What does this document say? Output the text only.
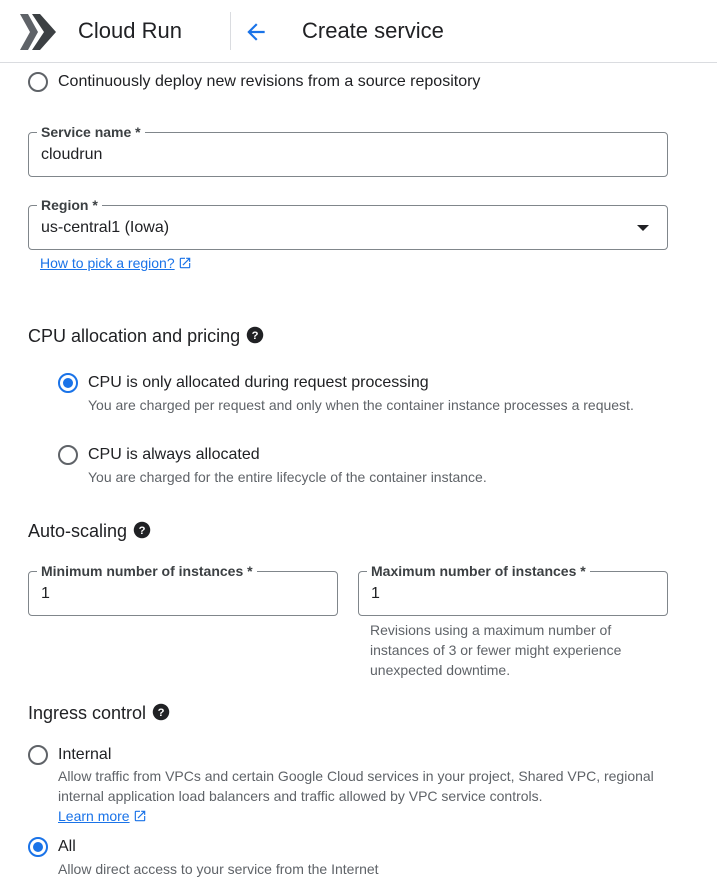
Cloud Run	Create service
Continuously deploy new revisions from a source repository
Service name *
cloudrun
Region *
us-central1 (Iowa)
How to pick a region?
CPU allocation and pricing ?
CPU is only allocated during request processing
You are charged per request and only when the container instance processes a request.
CPU is always allocated
You are charged for the entire lifecycle of the container instance.
Auto-scaling ?
Minimum number of instances *
1
Maximum number of instances *
1
Revisions using a maximum number of instances of 3 or fewer might experience unexpected downtime.
Ingress control ?
Internal
Allow traffic from VPCs and certain Google Cloud services in your project, Shared VPC, regional internal application load balancers and traffic allowed by VPC service controls.
Learn more
All
Allow direct access to your service from the Internet
